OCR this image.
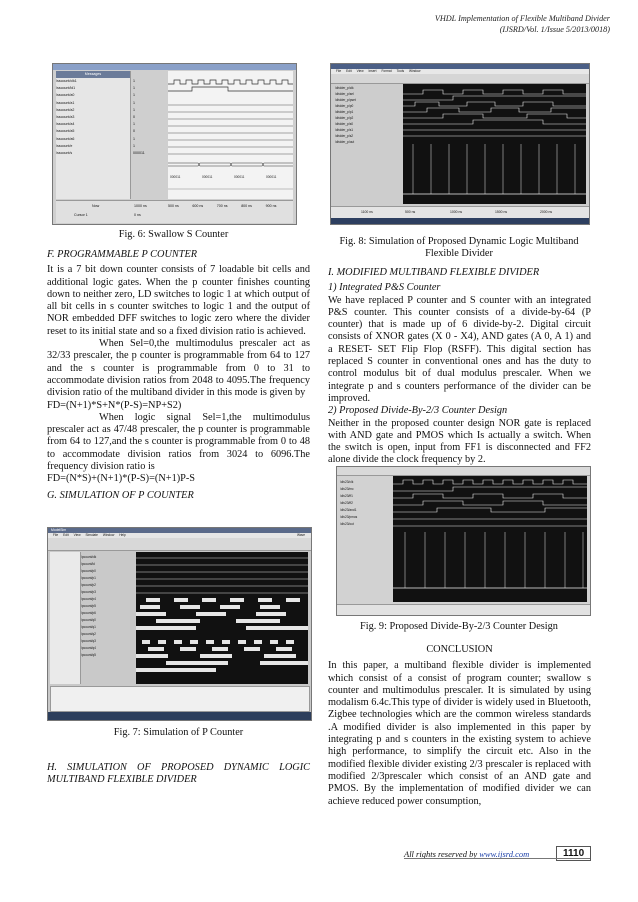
VHDL Implementation of Flexible Multiband Divider
(IJSRD/Vol. 1/Issue 5/2013/0018)
Messages
/sscount/clk1
/sscount/ld1
/sscount/a0
/sscount/a1
/sscount/a2
/sscount/a3
/sscount/a4
/sscount/a5
/sscount/a6
/sscount/e
/sscount/s
1
1
1
1
1
0
1
0
1
1
000011
000011	000011	000011	000011
Now	1000 ns
Cursor 1	0 ns
500 ns	600 ns	700 ns	800 ns	900 ns
Fig. 6: Swallow S Counter

F. PROGRAMMABLE P COUNTER

It is a 7 bit down counter consists of 7 loadable bit cells and additional logic gates. When the p counter finishes counting down to neither zero, LD switches to logic 1 at which output of all bit cells in s counter switches to logic 1 and the output of NOR embedded DFF switches to logic zero where the divider reset to its initial state and so a fixed division ratio is achieved.

When Sel=0,the multimodulus prescaler act as 32/33 prescaler, the p counter is programmable from 64 to 127 and the s counter is programmable from 0 to 31 to accommodate division ratios from 2048 to 4095.The frequency division ratio of the multiband divider in this mode is given by

FD=(N+1)*S+N*(P-S)=NP+S2)

When logic signal Sel=1,the multimodulus prescaler act as 47/48 prescaler, the p counter is programmable from 64 to 127,and the s counter is programmable from 0 to 48 to accommodate division ratios from 3024 to 6096.The frequency division ratio is

FD=(N*S)+(N+1)*(P-S)=(N+1)P-S

G. SIMULATION OF P COUNTER

ModelSim
File Edit View Simulate Window Help	Wave
/pcount/clk
/pcount/ld
/pcount/p0
/pcount/p1
/pcount/p2
/pcount/p3
/pcount/p4
/pcount/p5
/pcount/p6
/pcount/q0
/pcount/q1
/pcount/q2
/pcount/q3
/pcount/q4
/pcount/q5
Fig. 7: Simulation of P Counter

H. SIMULATION OF PROPOSED DYNAMIC LOGIC MULTIBAND FLEXIBLE DIVIDER

File Edit View Insert Format Tools Window
/divider_p/clk
/divider_p/sel
/divider_p/pset
/divider_p/p0
/divider_p/p1
/divider_p/p2
/divider_p/s0
/divider_p/s1
/divider_p/s2
/divider_p/out
1100 ns	500 ns	1000 ns	1500 ns	2000 ns
Fig. 8: Simulation of Proposed Dynamic Logic Multiband
Flexible Divider

I. MODIFIED MULTIBAND FLEXIBLE DIVIDER

1) Integrated P&S Counter

We have replaced P counter and S counter with an integrated P&S counter. This counter consists of a divide-by-64 (P counter) that is made up of 6 divide-by-2. Digital circuit consists of XNOR gates (X 0 - X4), AND gates (A 0, A 1) and a RESET- SET Flip Flop (RSFF). This digital section has replaced S counter in conventional ones and has the duty to control modulus bit of dual modulus prescaler. When we integrate p and s counters performance of the divider can be improved.

2) Proposed Divide-By-2/3 Counter Design

Neither in the proposed counter design NOR gate is replaced with AND gate and PMOS which Is actually a switch. When the switch is open, input from FF1 is disconnected and FF2 alone divide the clock frequency by 2.

/div23/clk
/div23/mc
/div23/ff1
/div23/ff2
/div23/and1
/div23/pmos
/div23/out
Fig. 9: Proposed Divide-By-2/3 Counter Design

CONCLUSION

In this paper, a multiband flexible divider is implemented which consist of a consist of program counter; swallow s counter and multimodulus prescaler. It is simulated by using modalism 6.4c.This type of divider is widely used in Bluetooth, Zigbee technologies which are the common wireless standards .A modified divider is also implemented in this paper by integrating p and s counters in the existing system to achieve high performance, to simplify the circuit etc. Also in the modified flexible divider existing 2/3 prescaler is replaced with modified 2/3prescaler which consist of an AND gate and PMOS. By the implementation of modified divider we can achieve reduced power consumption,

All rights reserved by www.ijsrd.com	1110
